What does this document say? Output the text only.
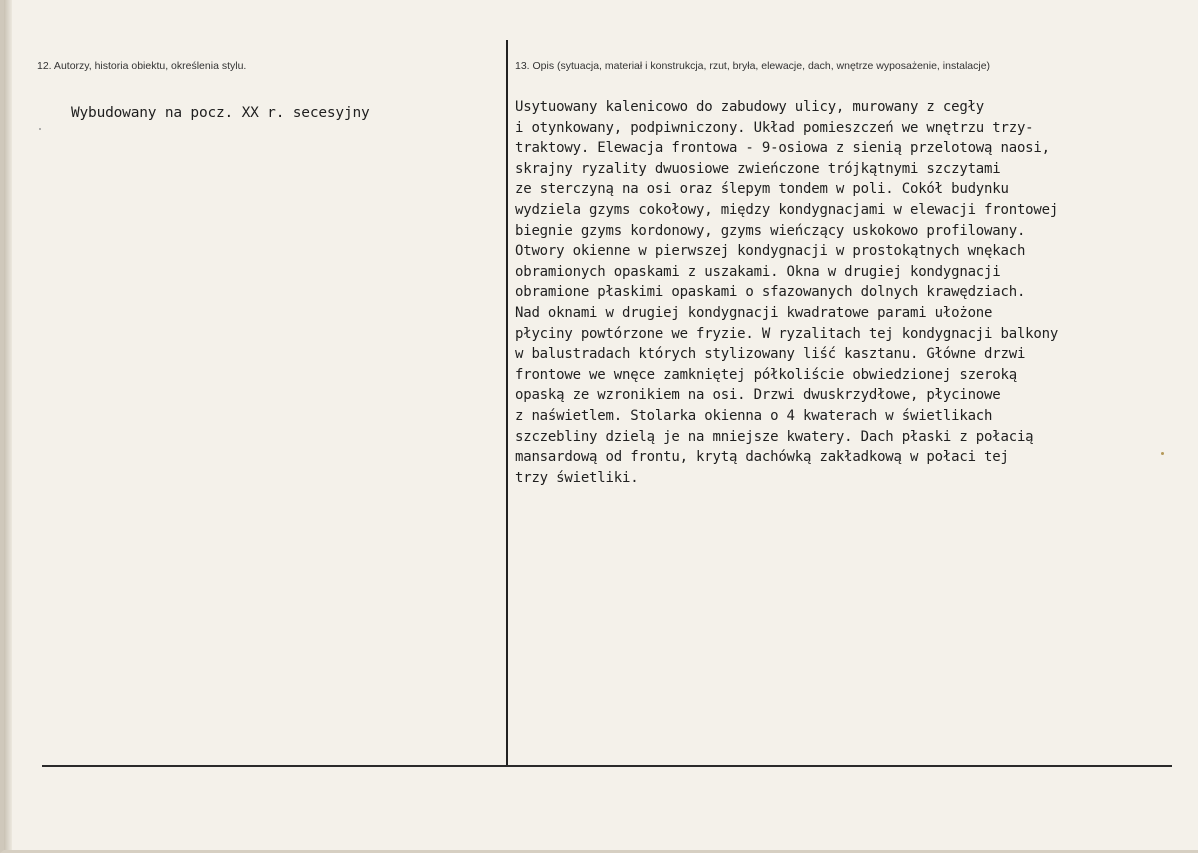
12. Autorzy, historia obiektu, określenia stylu.	13. Opis (sytuacja, materiał i konstrukcja, rzut, bryła, elewacje, dach, wnętrze wyposażenie, instalacje)
Wybudowany na pocz. XX r. secesyjny	Usytuowany kalenicowo do zabudowy ulicy, murowany z cegły
i otynkowany, podpiwniczony. Układ pomieszczeń we wnętrzu trzy-
traktowy. Elewacja frontowa - 9-osiowa z sienią przelotową naosi,
skrajny ryzality dwuosiowe zwieńczone trójkątnymi szczytami
ze sterczyną na osi oraz ślepym tondem w poli. Cokół budynku
wydziela gzyms cokołowy, między kondygnacjami w elewacji frontowej
biegnie gzyms kordonowy, gzyms wieńczący uskokowo profilowany.
Otwory okienne w pierwszej kondygnacji w prostokątnych wnękach
obramionych opaskami z uszakami. Okna w drugiej kondygnacji
obramione płaskimi opaskami o sfazowanych dolnych krawędziach.
Nad oknami w drugiej kondygnacji kwadratowe parami ułożone
płyciny powtórzone we fryzie. W ryzalitach tej kondygnacji balkony
w balustradach których stylizowany liść kasztanu. Główne drzwi
frontowe we wnęce zamkniętej półkoliście obwiedzionej szeroką
opaską ze wzronikiem na osi. Drzwi dwuskrzydłowe, płycinowe
z naświetlem. Stolarka okienna o 4 kwaterach w świetlikach
szczebliny dzielą je na mniejsze kwatery. Dach płaski z połacią
mansardową od frontu, krytą dachówką zakładkową w połaci tej
trzy świetliki.
